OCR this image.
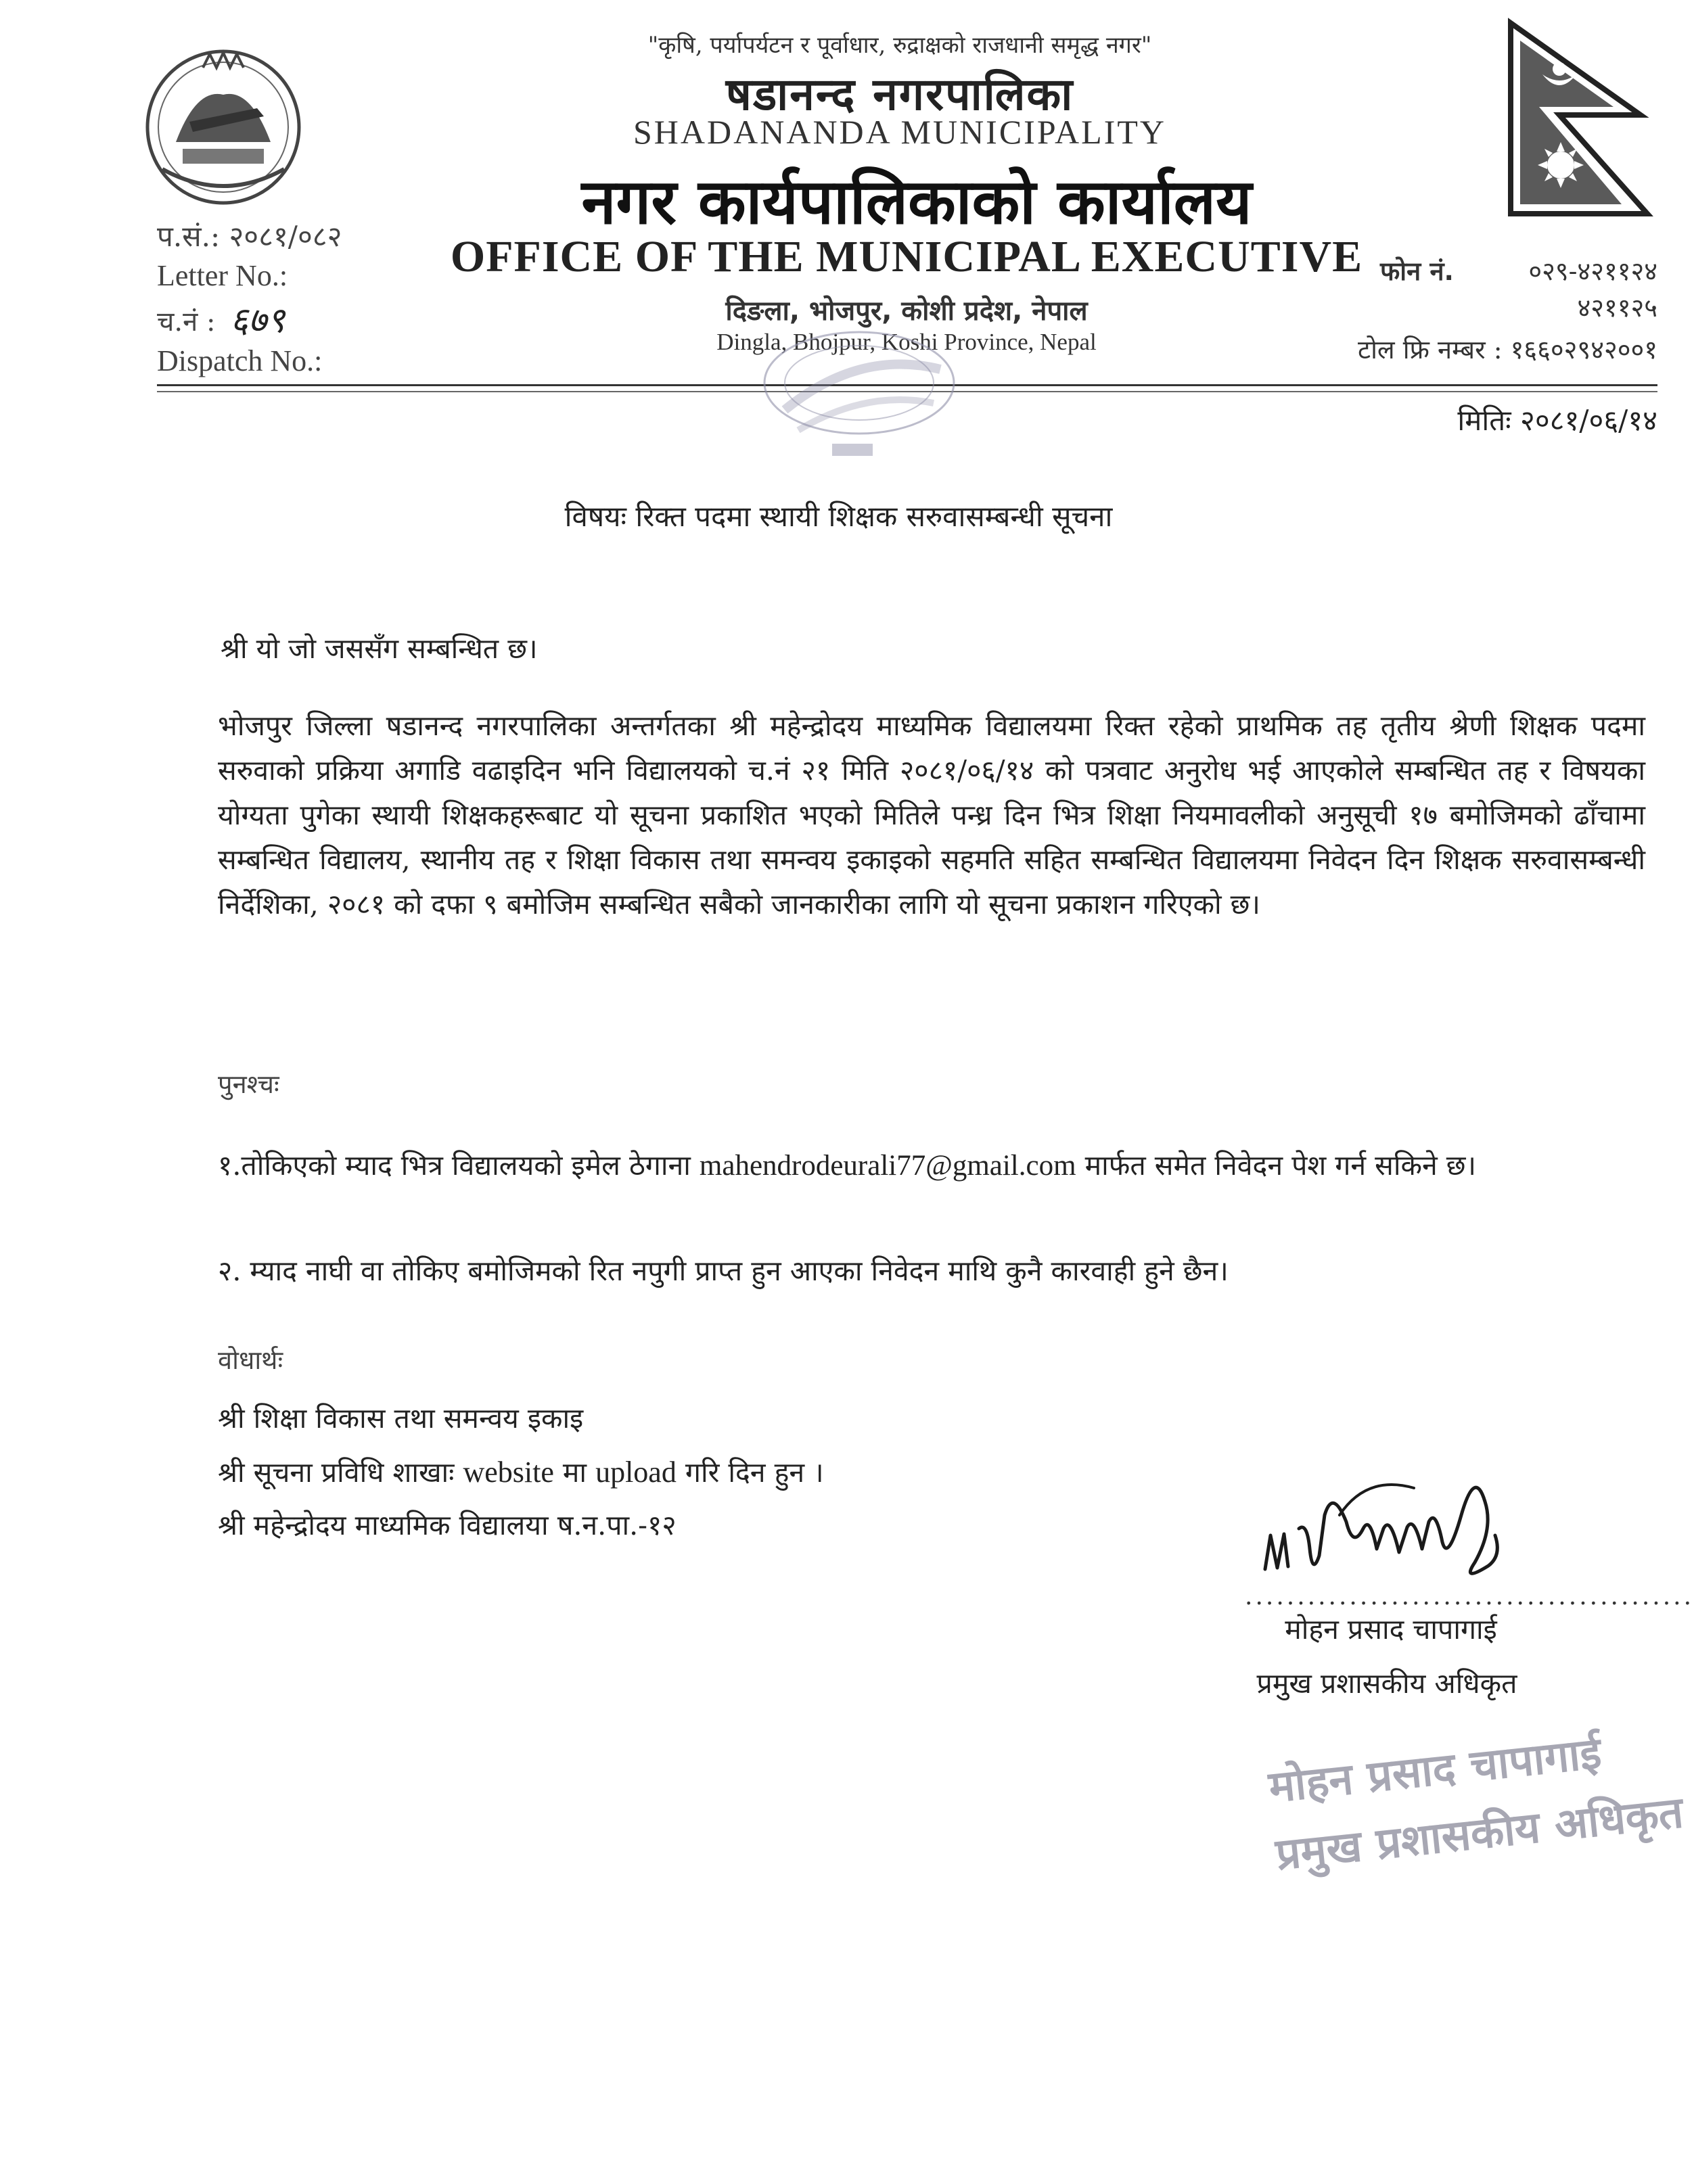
"कृषि, पर्यापर्यटन र पूर्वाधार, रुद्राक्षको राजधानी समृद्ध नगर"
षडानन्द नगरपालिका
SHADANANDA MUNICIPALITY
नगर कार्यपालिकाको कार्यालय
OFFICE OF THE MUNICIPAL EXECUTIVE
दिङला, भोजपुर, कोशी प्रदेश, नेपाल
Dingla, Bhojpur, Koshi Province, Nepal
प.सं.: २०८१/०८२
Letter No.:
च.नं : ६७९
Dispatch No.:
फोन नं.	०२९-४२११२४
४२११२५
टोल फ्रि नम्बर : १६६०२९४२००१
मितिः २०८१/०६/१४
विषयः रिक्त पदमा स्थायी शिक्षक सरुवासम्बन्धी सूचना
श्री यो जो जससँग सम्बन्धित छ।
भोजपुर जिल्ला षडानन्द नगरपालिका अन्तर्गतका श्री महेन्द्रोदय माध्यमिक विद्यालयमा रिक्त रहेको प्राथमिक तह तृतीय श्रेणी शिक्षक पदमा सरुवाको प्रक्रिया अगाडि वढाइदिन भनि विद्यालयको च.नं २१ मिति २०८१/०६/१४ को पत्रवाट अनुरोध भई आएकोले सम्बन्धित तह र विषयका योग्यता पुगेका स्थायी शिक्षकहरूबाट यो सूचना प्रकाशित भएको मितिले पन्ध्र दिन भित्र शिक्षा नियमावलीको अनुसूची १७ बमोजिमको ढाँचामा सम्बन्धित विद्यालय, स्थानीय तह र शिक्षा विकास तथा समन्वय इकाइको सहमति सहित सम्बन्धित विद्यालयमा निवेदन दिन शिक्षक सरुवासम्बन्धी निर्देशिका, २०८१ को दफा ९ बमोजिम सम्बन्धित सबैको जानकारीका लागि यो सूचना प्रकाशन गरिएको छ।
पुनश्चः
१.तोकिएको म्याद भित्र विद्यालयको इमेल ठेगाना mahendrodeurali77@gmail.com मार्फत समेत निवेदन पेश गर्न सकिने छ।
२. म्याद नाघी वा तोकिए बमोजिमको रित नपुगी प्राप्त हुन आएका निवेदन माथि कुनै कारवाही हुने छैन।
वोधार्थः
श्री शिक्षा विकास तथा समन्वय इकाइ
श्री सूचना प्रविधि शाखाः website मा upload गरि दिन हुन ।
श्री महेन्द्रोदय माध्यमिक विद्यालया ष.न.पा.-१२
...........................................
मोहन प्रसाद चापागाई
प्रमुख प्रशासकीय अधिकृत
मोहन प्रसाद चापागाई
प्रमुख प्रशासकीय अधिकृत
